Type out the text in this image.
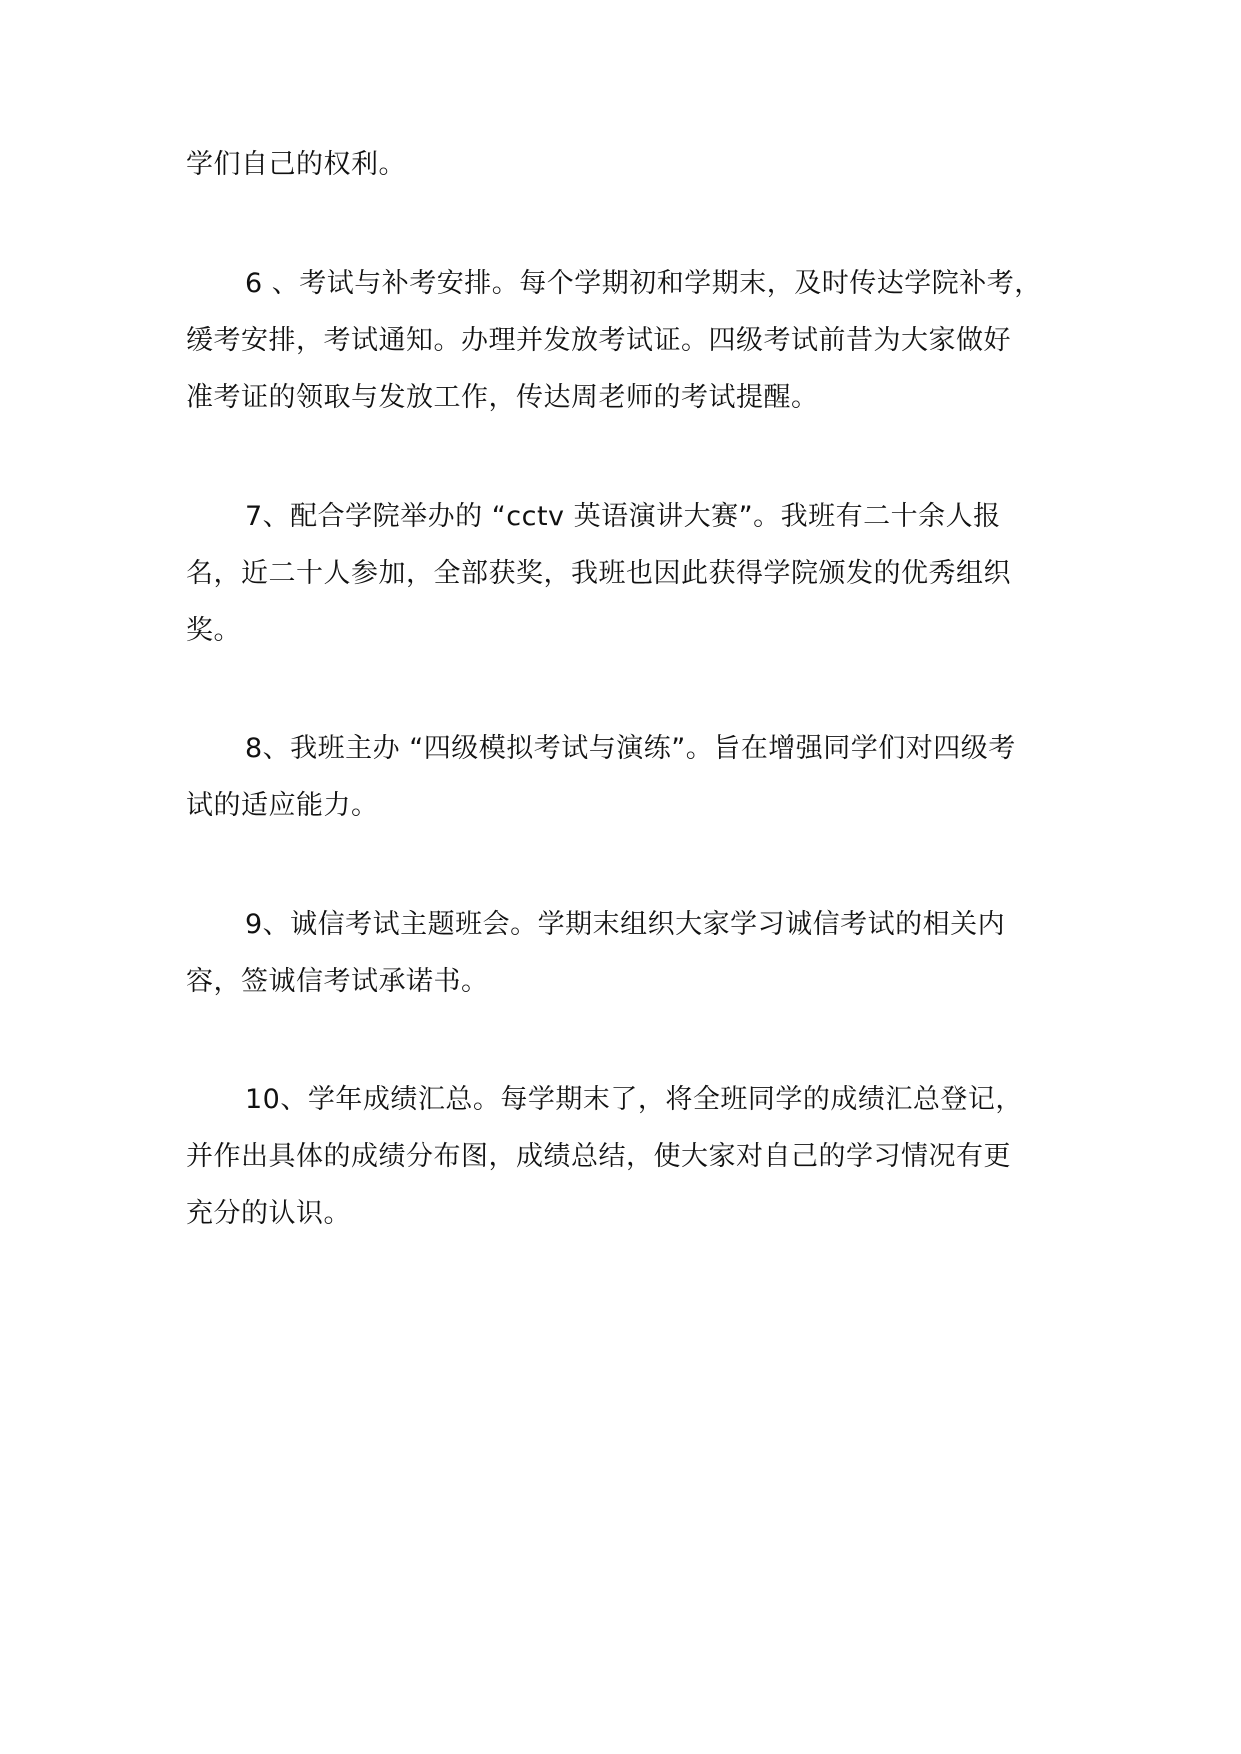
学们自己的权利。
6 、考试与补考安排。每个学期初和学期末，及时传达学院补考，
缓考安排，考试通知。办理并发放考试证。四级考试前昔为大家做好
准考证的领取与发放工作，传达周老师的考试提醒。
7、配合学院举办的 “cctv 英语演讲大赛”。我班有二十余人报
名，近二十人参加，全部获奖，我班也因此获得学院颁发的优秀组织
奖。
8、我班主办 “四级模拟考试与演练”。旨在增强同学们对四级考
试的适应能力。
9、诚信考试主题班会。学期末组织大家学习诚信考试的相关内
容，签诚信考试承诺书。
10、学年成绩汇总。每学期末了，将全班同学的成绩汇总登记，
并作出具体的成绩分布图，成绩总结，使大家对自己的学习情况有更
充分的认识。
